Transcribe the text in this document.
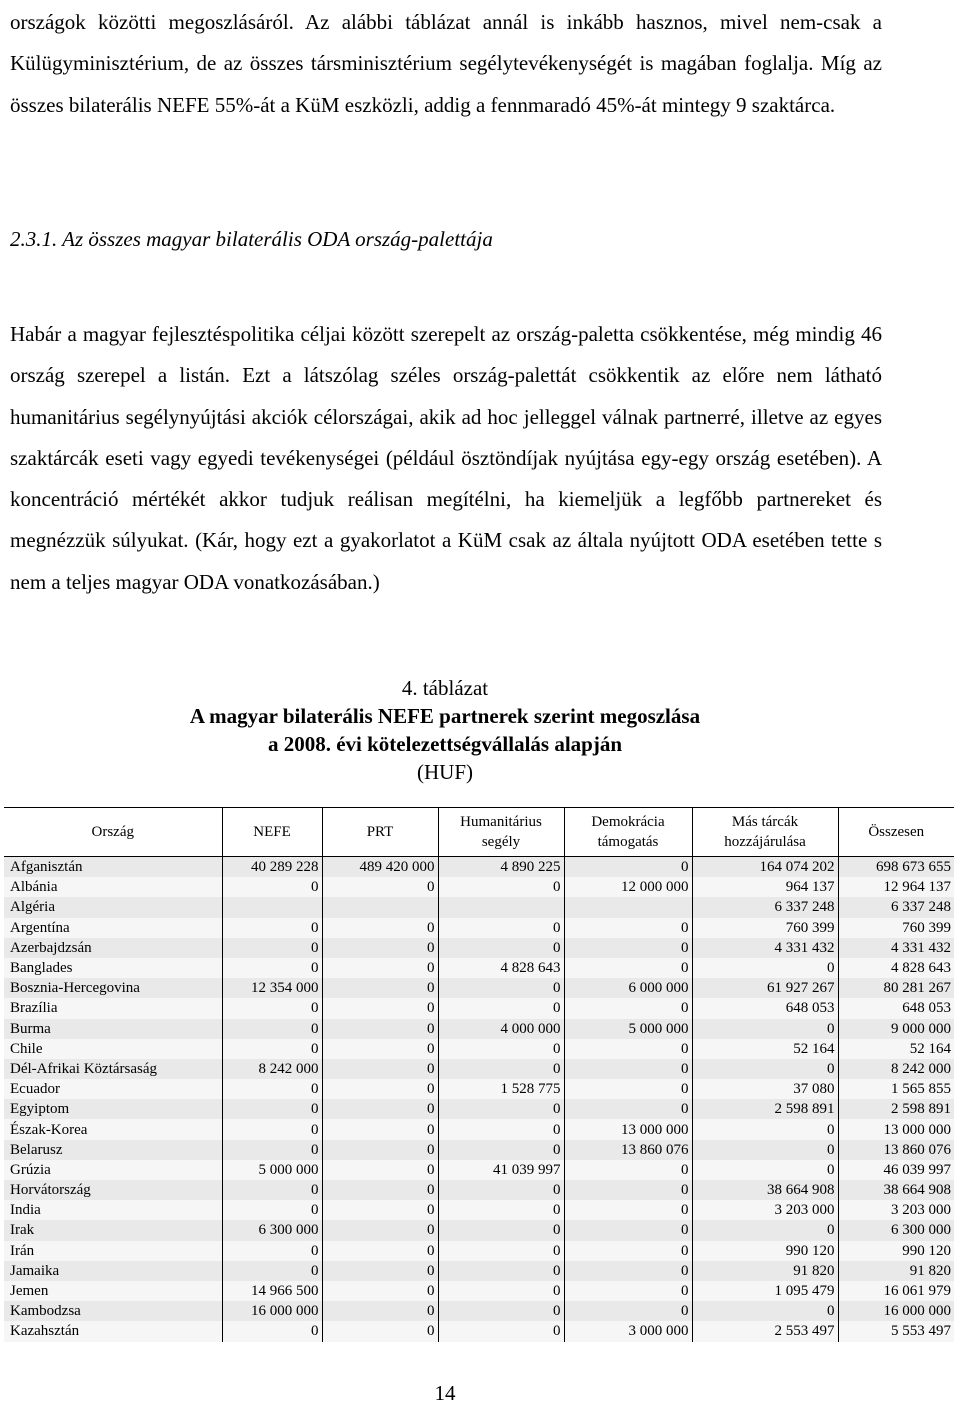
országok közötti megoszlásáról. Az alábbi táblázat annál is inkább hasznos, mivel nem-csak a Külügyminisztérium, de az összes társminisztérium segélytevékenységét is magában foglalja. Míg az összes bilaterális NEFE 55%-át a KüM eszközli, addig a fennmaradó 45%-át mintegy 9 szaktárca.

2.3.1. Az összes magyar bilaterális ODA ország-palettája

Habár a magyar fejlesztéspolitika céljai között szerepelt az ország-paletta csökkentése, még mindig 46 ország szerepel a listán. Ezt a látszólag széles ország-palettát csökkentik az előre nem látható humanitárius segélynyújtási akciók célországai, akik ad hoc jelleggel válnak partnerré, illetve az egyes szaktárcák eseti vagy egyedi tevékenységei (például ösztöndíjak nyújtása egy-egy ország esetében). A koncentráció mértékét akkor tudjuk reálisan megítélni, ha kiemeljük a legfőbb partnereket és megnézzük súlyukat. (Kár, hogy ezt a gyakorlatot a KüM csak az általa nyújtott ODA esetében tette s nem a teljes magyar ODA vonatkozásában.)

4. táblázat

A magyar bilaterális NEFE partnerek szerint megoszlása

a 2008. évi kötelezettségvállalás alapján

(HUF)

Ország	NEFE	PRT	Humanitárius segély	Demokrácia támogatás	Más tárcák hozzájárulása	Összesen
Afganisztán	40 289 228	489 420 000	4 890 225	0	164 074 202	698 673 655
Albánia	0	0	0	12 000 000	964 137	12 964 137
Algéria					6 337 248	6 337 248
Argentína	0	0	0	0	760 399	760 399
Azerbajdzsán	0	0	0	0	4 331 432	4 331 432
Banglades	0	0	4 828 643	0	0	4 828 643
Bosznia-Hercegovina	12 354 000	0	0	6 000 000	61 927 267	80 281 267
Brazília	0	0	0	0	648 053	648 053
Burma	0	0	4 000 000	5 000 000	0	9 000 000
Chile	0	0	0	0	52 164	52 164
Dél-Afrikai Köztársaság	8 242 000	0	0	0	0	8 242 000
Ecuador	0	0	1 528 775	0	37 080	1 565 855
Egyiptom	0	0	0	0	2 598 891	2 598 891
Észak-Korea	0	0	0	13 000 000	0	13 000 000
Belarusz	0	0	0	13 860 076	0	13 860 076
Grúzia	5 000 000	0	41 039 997	0	0	46 039 997
Horvátország	0	0	0	0	38 664 908	38 664 908
India	0	0	0	0	3 203 000	3 203 000
Irak	6 300 000	0	0	0	0	6 300 000
Irán	0	0	0	0	990 120	990 120
Jamaika	0	0	0	0	91 820	91 820
Jemen	14 966 500	0	0	0	1 095 479	16 061 979
Kambodzsa	16 000 000	0	0	0	0	16 000 000
Kazahsztán	0	0	0	3 000 000	2 553 497	5 553 497

14
